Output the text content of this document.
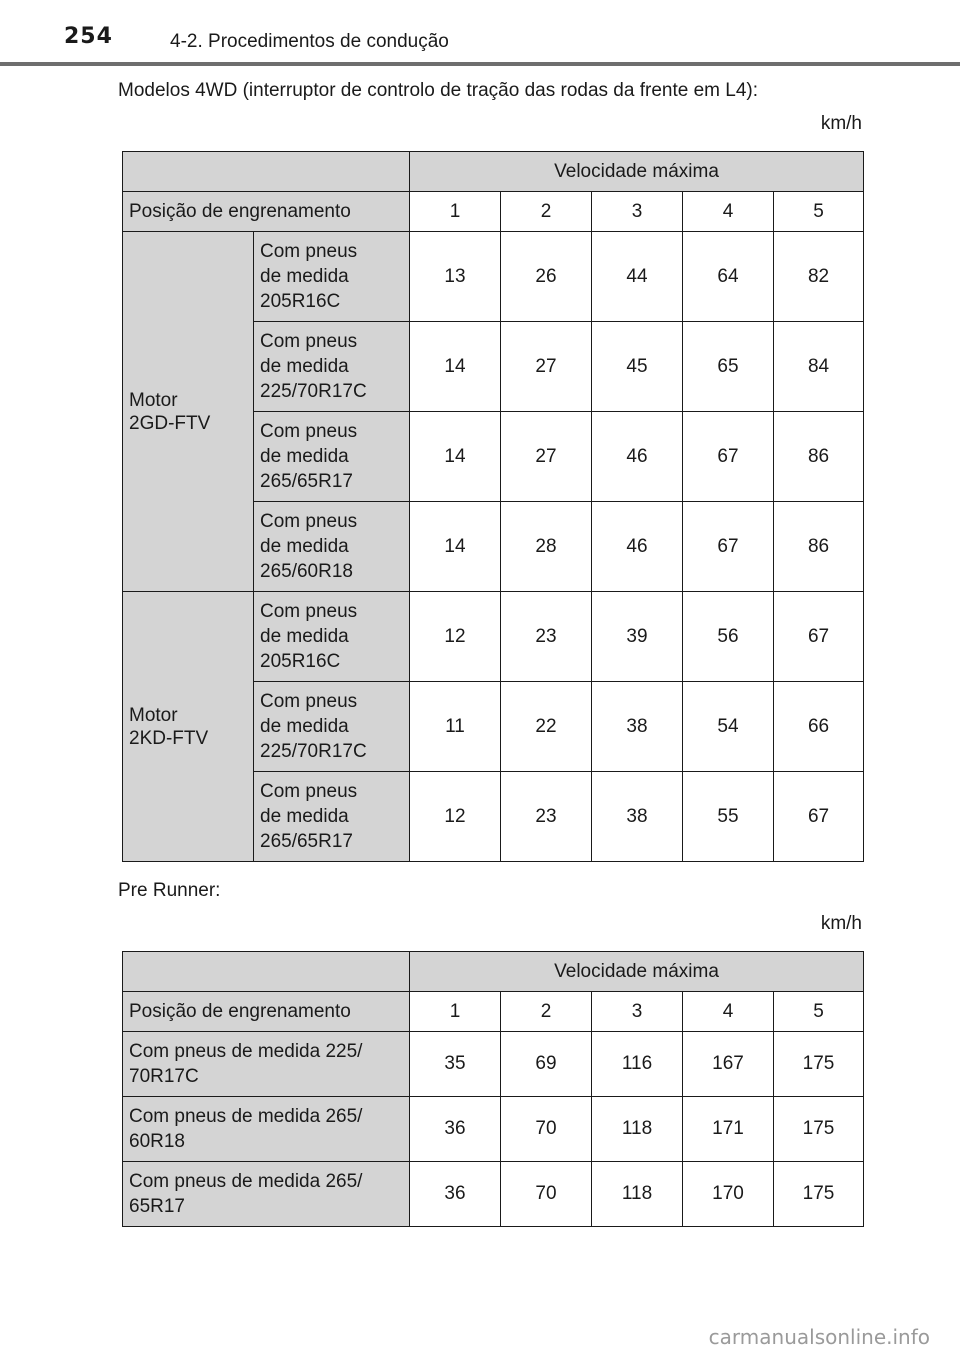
254	4-2. Procedimentos de condução
Modelos 4WD (interruptor de controlo de tração das rodas da frente em L4):
km/h
		Velocidade máxima				
Posição de engrenamento		1	2	3	4	5
Motor
2GD-FTV	Com pneus
de medida
205R16C	13	26	44	64	82
	Com pneus
de medida
225/70R17C	14	27	45	65	84
	Com pneus
de medida
265/65R17	14	27	46	67	86
	Com pneus
de medida
265/60R18	14	28	46	67	86
Motor
2KD-FTV	Com pneus
de medida
205R16C	12	23	39	56	67
	Com pneus
de medida
225/70R17C	11	22	38	54	66
	Com pneus
de medida
265/65R17	12	23	38	55	67
Pre Runner:
km/h
	Velocidade máxima				
Posição de engrenamento	1	2	3	4	5
Com pneus de medida 225/
70R17C	35	69	116	167	175
Com pneus de medida 265/
60R18	36	70	118	171	175
Com pneus de medida 265/
65R17	36	70	118	170	175
carmanualsonline.info
